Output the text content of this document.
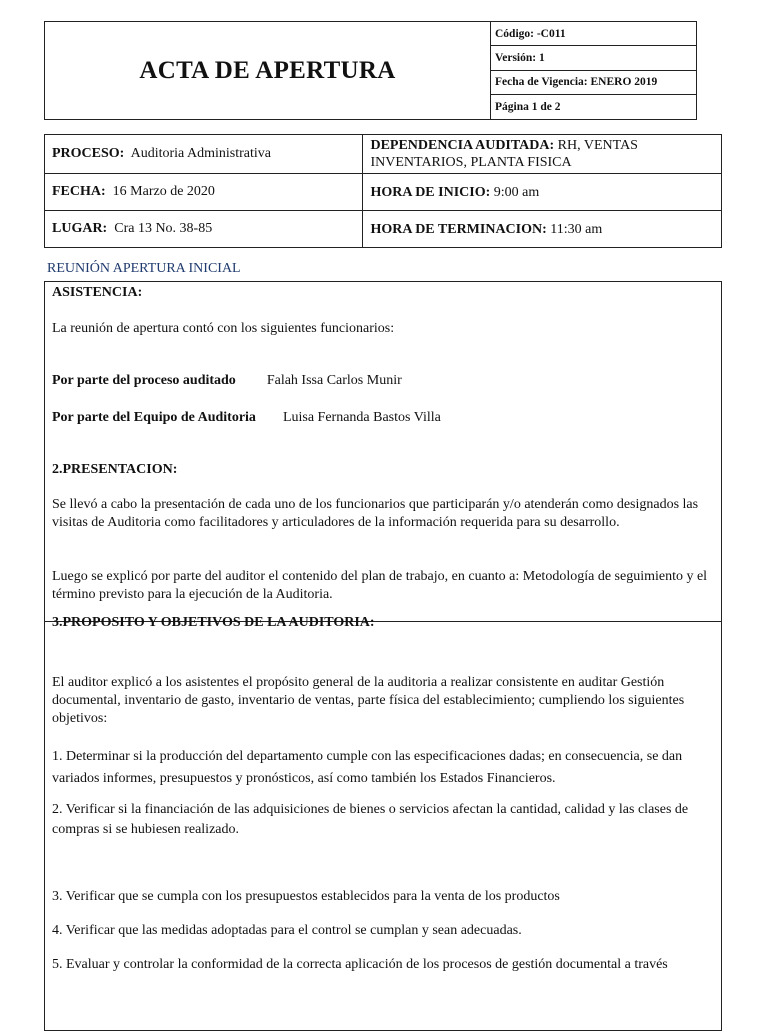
ACTA DE APERTURA
Código: -C011
Versión: 1
Fecha de Vigencia: ENERO 2019
Página 1 de 2
PROCESO: Auditoria Administrativa	DEPENDENCIA AUDITADA: RH, VENTAS INVENTARIOS, PLANTA FISICA
FECHA: 16 Marzo de 2020	HORA DE INICIO: 9:00 am
LUGAR: Cra 13 No. 38-85	HORA DE TERMINACION: 11:30 am
REUNIÓN APERTURA INICIAL
ASISTENCIA:
La reunión de apertura contó con los siguientes funcionarios:
Por parte del proceso auditado Falah Issa Carlos Munir
Por parte del Equipo de Auditoria Luisa Fernanda Bastos Villa
2.PRESENTACION:
Se llevó a cabo la presentación de cada uno de los funcionarios que participarán y/o atenderán como designados las visitas de Auditoria como facilitadores y articuladores de la información requerida para su desarrollo.
Luego se explicó por parte del auditor el contenido del plan de trabajo, en cuanto a: Metodología de seguimiento y el término previsto para la ejecución de la Auditoria.
3.PROPOSITO Y OBJETIVOS DE LA AUDITORIA:
El auditor explicó a los asistentes el propósito general de la auditoria a realizar consistente en auditar Gestión documental, inventario de gasto, inventario de ventas, parte física del establecimiento; cumpliendo los siguientes objetivos:
1. Determinar si la producción del departamento cumple con las especificaciones dadas; en consecuencia, se dan variados informes, presupuestos y pronósticos, así como también los Estados Financieros.
2. Verificar si la financiación de las adquisiciones de bienes o servicios afectan la cantidad, calidad y las clases de compras si se hubiesen realizado.
3. Verificar que se cumpla con los presupuestos establecidos para la venta de los productos
4. Verificar que las medidas adoptadas para el control se cumplan y sean adecuadas.
5. Evaluar y controlar la conformidad de la correcta aplicación de los procesos de gestión documental a través
